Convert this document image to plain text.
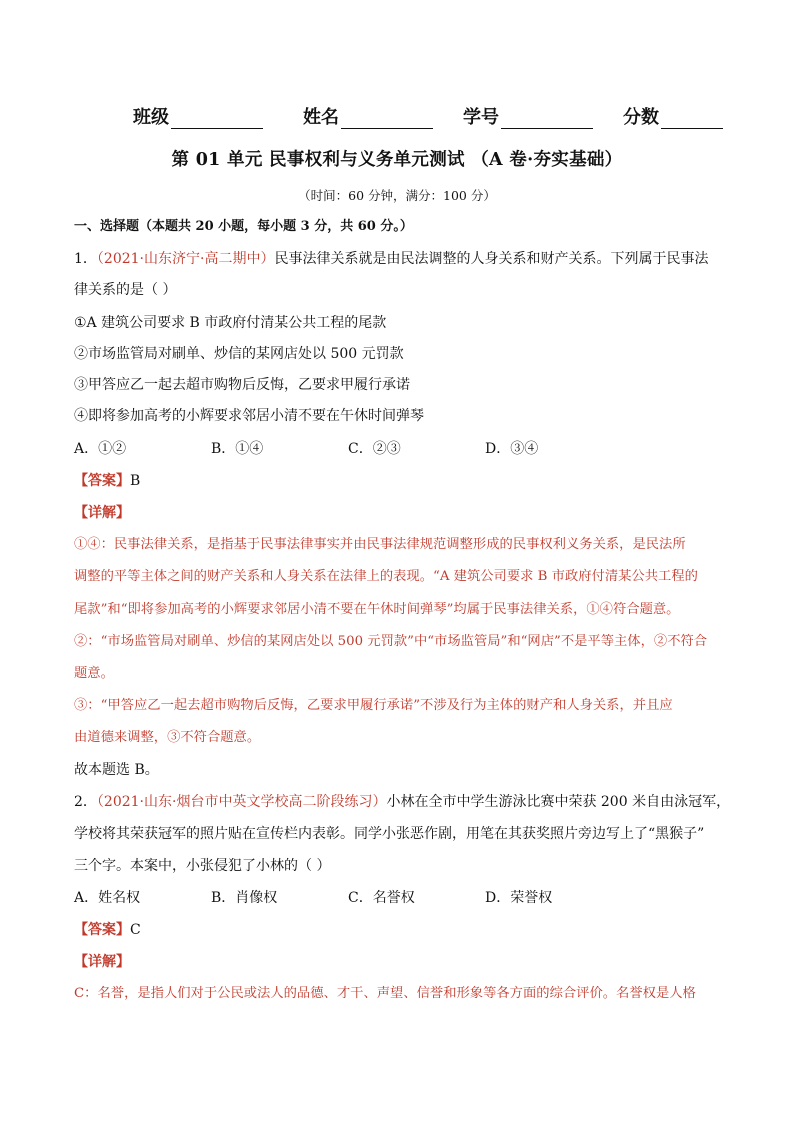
班级	姓名	学号	分数
第 01 单元 民事权利与义务单元测试 （A 卷·夯实基础）
（时间：60 分钟，满分：100 分）
一、选择题（本题共 20 小题，每小题 3 分，共 60 分。）
1．（2021·山东济宁·高二期中）民事法律关系就是由民法调整的人身关系和财产关系。下列属于民事法
律关系的是（ ）
①A 建筑公司要求 B 市政府付清某公共工程的尾款
②市场监管局对刷单、炒信的某网店处以 500 元罚款
③甲答应乙一起去超市购物后反悔，乙要求甲履行承诺
④即将参加高考的小辉要求邻居小清不要在午休时间弹琴
A．①②	B．①④	C．②③	D．③④
【答案】B
【详解】
①④：民事法律关系，是指基于民事法律事实并由民事法律规范调整形成的民事权利义务关系，是民法所
调整的平等主体之间的财产关系和人身关系在法律上的表现。“A 建筑公司要求 B 市政府付清某公共工程的
尾款”和“即将参加高考的小辉要求邻居小清不要在午休时间弹琴”均属于民事法律关系，①④符合题意。
②：“市场监管局对刷单、炒信的某网店处以 500 元罚款”中“市场监管局”和“网店”不是平等主体，②不符合
题意。
③：“甲答应乙一起去超市购物后反悔，乙要求甲履行承诺”不涉及行为主体的财产和人身关系，并且应
由道德来调整，③不符合题意。
故本题选 B。
2．（2021·山东·烟台市中英文学校高二阶段练习）小林在全市中学生游泳比赛中荣获 200 米自由泳冠军，
学校将其荣获冠军的照片贴在宣传栏内表彰。同学小张恶作剧，用笔在其获奖照片旁边写上了“黑猴子”
三个字。本案中，小张侵犯了小林的（ ）
A．姓名权	B．肖像权	C．名誉权	D．荣誉权
【答案】C
【详解】
C：名誉，是指人们对于公民或法人的品德、才干、声望、信誉和形象等各方面的综合评价。名誉权是人格
